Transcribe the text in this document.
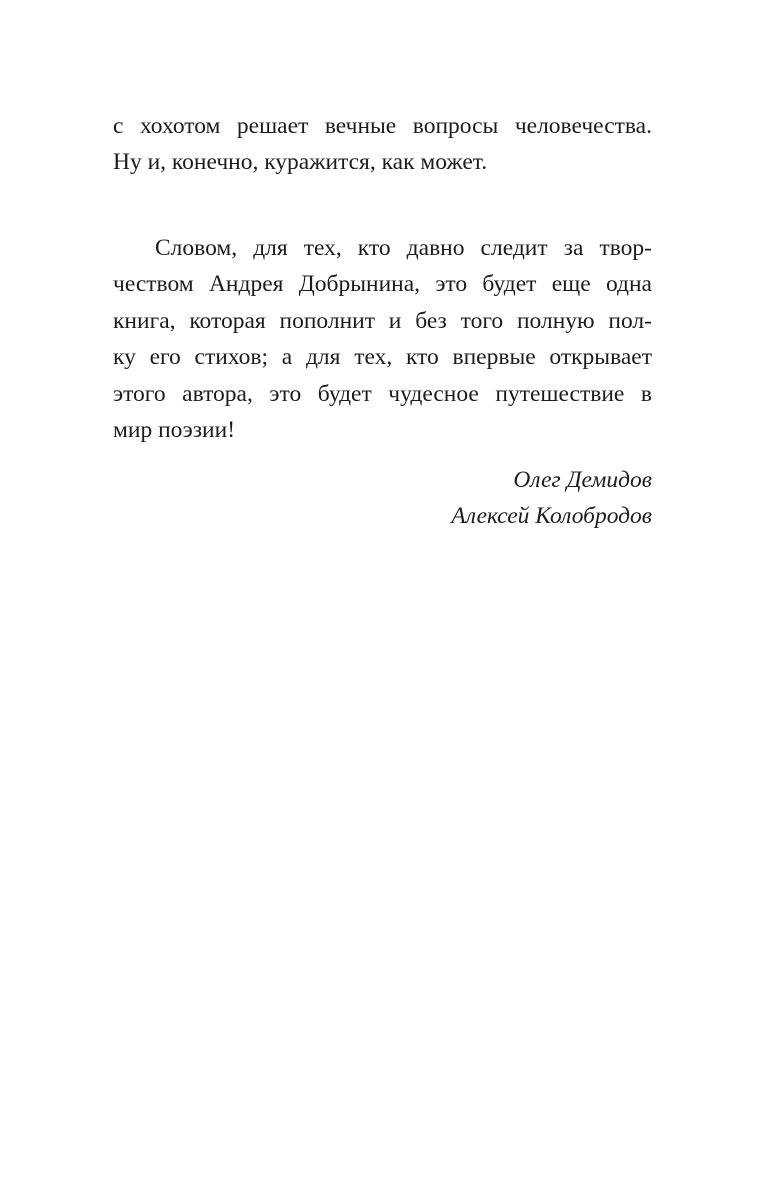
с хохотом решает вечные вопросы человечества.
Ну и, конечно, куражится, как может.
Словом, для тех, кто давно следит за твор-
чеством Андрея Добрынина, это будет еще одна
книга, которая пополнит и без того полную пол-
ку его стихов; а для тех, кто впервые открывает
этого автора, это будет чудесное путешествие в
мир поэзии!
Олег Демидов
Алексей Колобродов
